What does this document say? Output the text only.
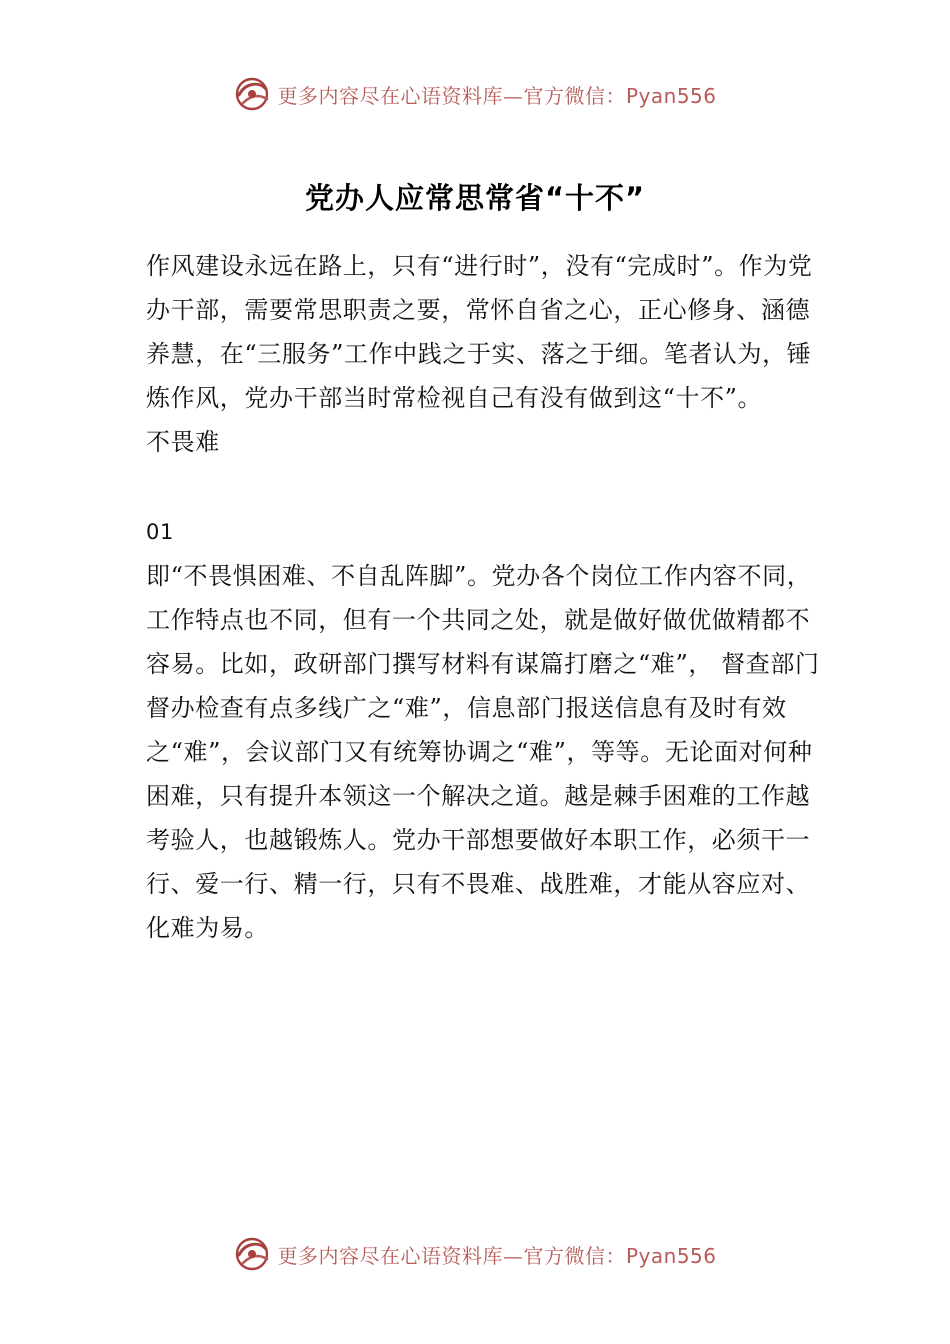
更多内容尽在心语资料库—官方微信：Pyan556
党办人应常思常省“十不”

作风建设永远在路上，只有“进行时”，没有“完成时”。作为党办干部，需要常思职责之要，常怀自省之心，正心修身、涵德养慧，在“三服务”工作中践之于实、落之于细。笔者认为，锤炼作风，党办干部当时常检视自己有没有做到这“十不”。

不畏难

01

即“不畏惧困难、不自乱阵脚”。党办各个岗位工作内容不同，工作特点也不同，但有一个共同之处，就是做好做优做精都不容易。比如，政研部门撰写材料有谋篇打磨之“难”， 督查部门督办检查有点多线广之“难”，信息部门报送信息有及时有效之“难”，会议部门又有统筹协调之“难”，等等。无论面对何种困难，只有提升本领这一个解决之道。越是棘手困难的工作越考验人，也越锻炼人。党办干部想要做好本职工作，必须干一行、爱一行、精一行，只有不畏难、战胜难，才能从容应对、化难为易。

更多内容尽在心语资料库—官方微信：Pyan556
